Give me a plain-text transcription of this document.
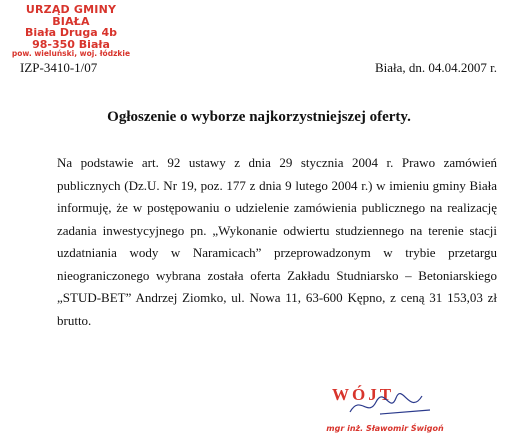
URZĄD GMINY BIAŁA
Biała Druga 4b
98-350 Biała
pow. wieluński, woj. łódzkie
IZP-3410-1/07	Biała, dn. 04.04.2007 r.
Ogłoszenie o wyborze najkorzystniejszej oferty.

Na podstawie art. 92 ustawy z dnia 29 stycznia 2004 r. Prawo zamówień publicznych (Dz.U. Nr 19, poz. 177 z dnia 9 lutego 2004 r.) w imieniu gminy Biała informuję, że w postępowaniu o udzielenie zamówienia publicznego na realizację zadania inwestycyjnego pn. „Wykonanie odwiertu studziennego na terenie stacji uzdatniania wody w Naramicach” przeprowadzonym w trybie przetargu nieograniczonego wybrana została oferta Zakładu Studniarsko – Betoniarskiego „STUD-BET” Andrzej Ziomko, ul. Nowa 11, 63-600 Kępno, z ceną 31 153,03 zł brutto.

WÓJT
mgr inż. Sławomir Świgoń
